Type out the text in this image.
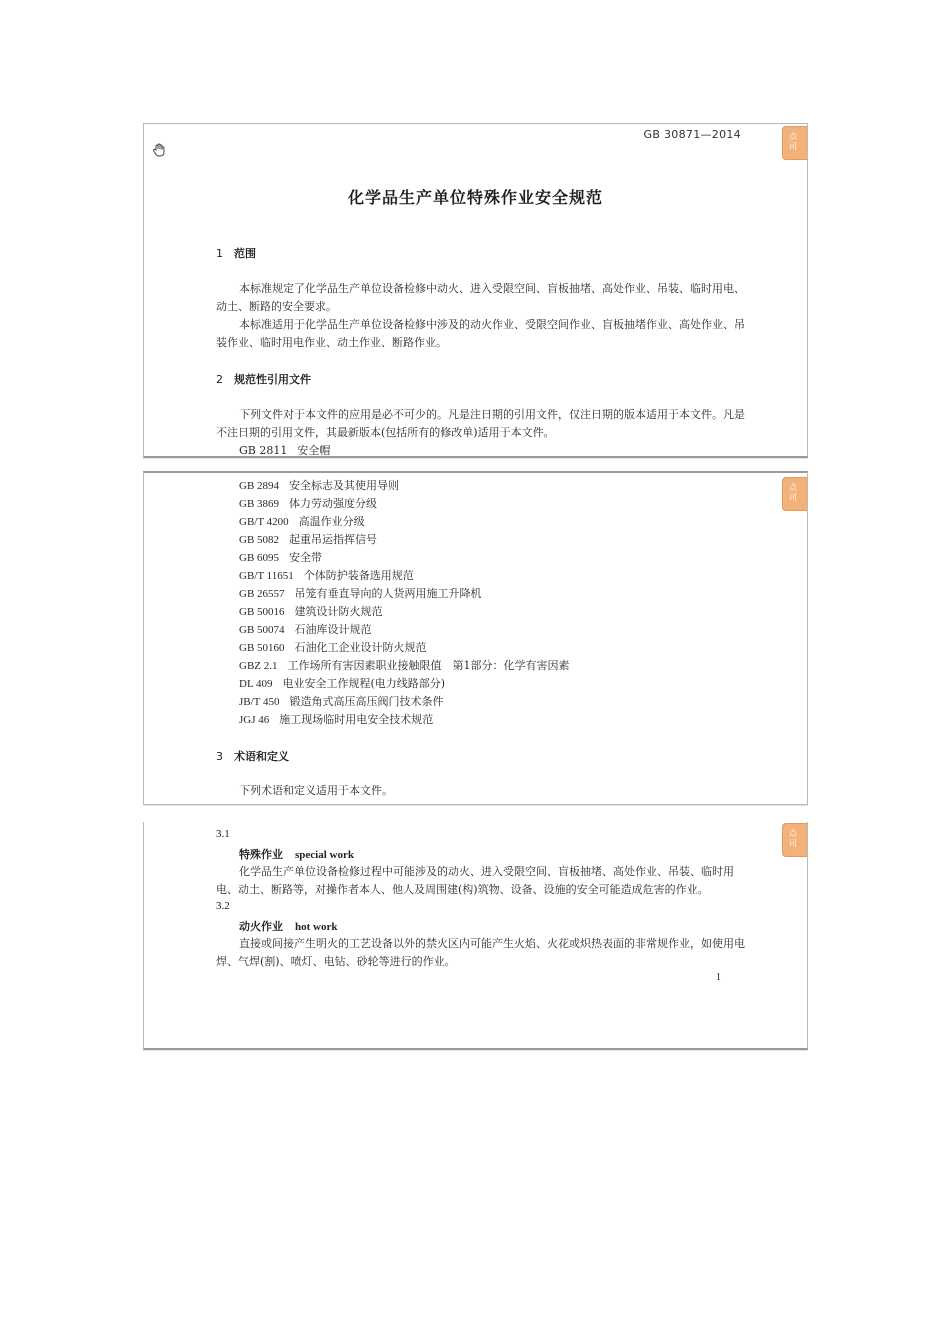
GB 30871—2014	点
司
化学品生产单位特殊作业安全规范
1 范围

本标准规定了化学品生产单位设备检修中动火、进入受限空间、盲板抽堵、高处作业、吊装、临时用电、动土、断路的安全要求。

本标准适用于化学品生产单位设备检修中涉及的动火作业、受限空间作业、盲板抽堵作业、高处作业、吊装作业、临时用电作业、动土作业、断路作业。

2 规范性引用文件

下列文件对于本文件的应用是必不可少的。凡是注日期的引用文件，仅注日期的版本适用于本文件。凡是不注日期的引用文件，其最新版本(包括所有的修改单)适用于本文件。

GB 2811 安全帽
点
司
GB 2894 安全标志及其使用导则
GB 3869 体力劳动强度分级
GB/T 4200 高温作业分级
GB 5082 起重吊运指挥信号
GB 6095 安全带
GB/T 11651 个体防护装备选用规范
GB 26557 吊笼有垂直导向的人货两用施工升降机
GB 50016 建筑设计防火规范
GB 50074 石油库设计规范
GB 50160 石油化工企业设计防火规范
GBZ 2.1 工作场所有害因素职业接触限值　第1部分：化学有害因素
DL 409 电业安全工作规程(电力线路部分)
JB/T 450 锻造角式高压高压阀门技术条件
JGJ 46 施工现场临时用电安全技术规范
3 术语和定义

下列术语和定义适用于本文件。

点
司
3.1
特殊作业 special work

化学品生产单位设备检修过程中可能涉及的动火、进入受限空间、盲板抽堵、高处作业、吊装、临时用电、动土、断路等，对操作者本人、他人及周围建(构)筑物、设备、设施的安全可能造成危害的作业。

3.2
动火作业 hot work

直接或间接产生明火的工艺设备以外的禁火区内可能产生火焰、火花或炽热表面的非常规作业，如使用电焊、气焊(割)、喷灯、电钻、砂轮等进行的作业。

1
